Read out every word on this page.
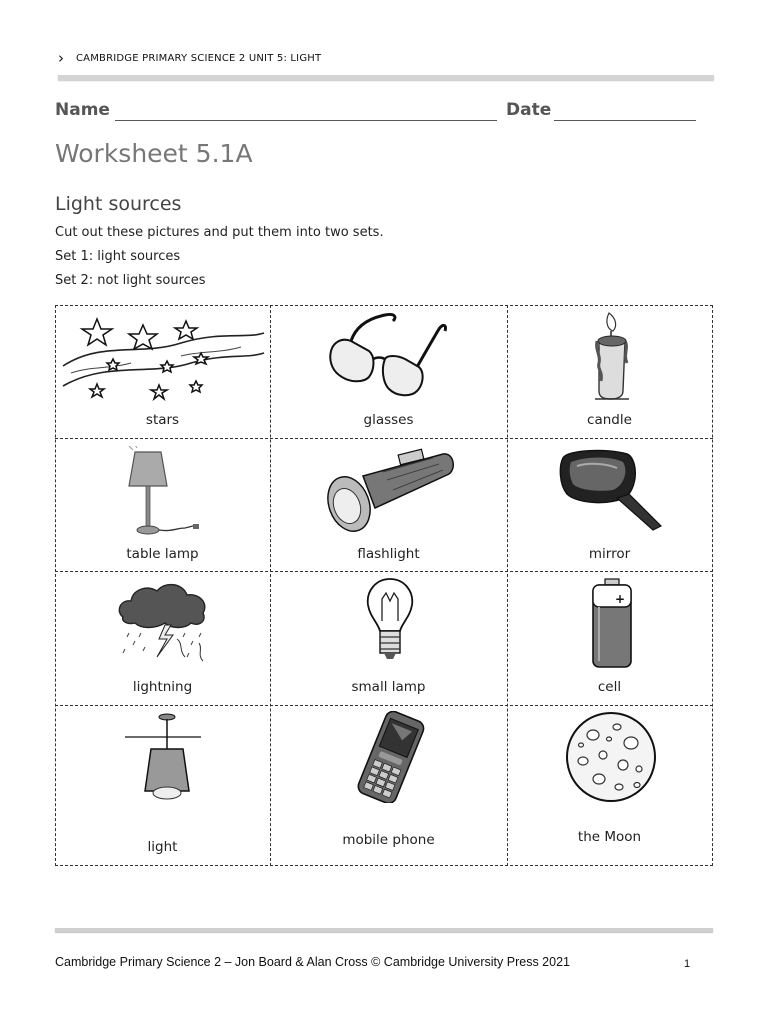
›	CAMBRIDGE PRIMARY SCIENCE 2 UNIT 5: LIGHT
Name	Date
Worksheet 5.1A
Light sources
Cut out these pictures and put them into two sets.
Set 1: light sources
Set 2: not light sources
stars	glasses	candle
table lamp	flashlight	mirror
lightning	small lamp
+
cell
light	mobile phone	the Moon
Cambridge Primary Science 2 – Jon Board & Alan Cross © Cambridge University Press 2021	1
